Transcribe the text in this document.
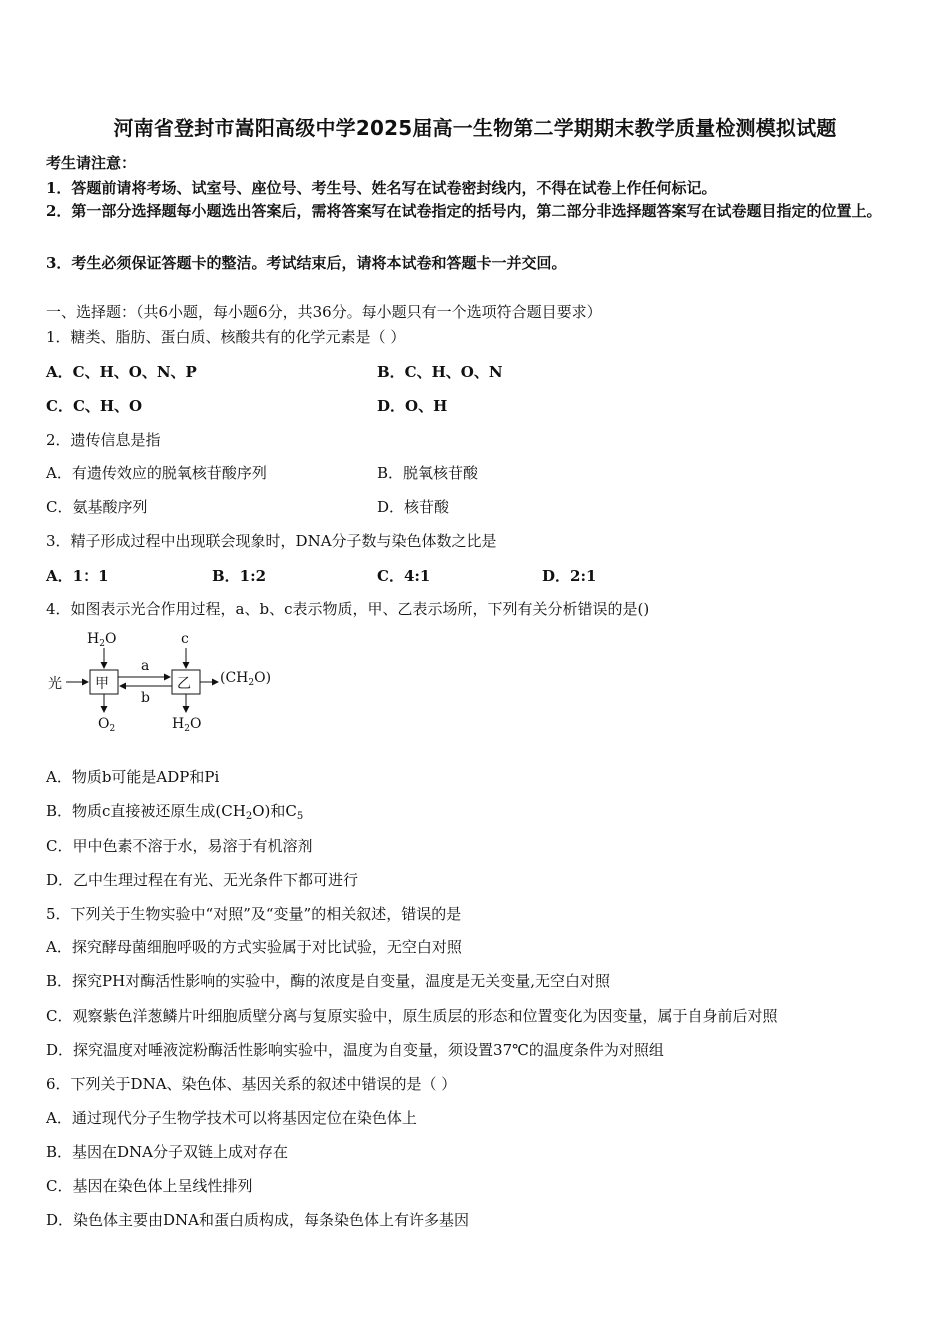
河南省登封市嵩阳高级中学2025届高一生物第二学期期末教学质量检测模拟试题
考生请注意：
1．答题前请将考场、试室号、座位号、考生号、姓名写在试卷密封线内，不得在试卷上作任何标记。
2．第一部分选择题每小题选出答案后，需将答案写在试卷指定的括号内，第二部分非选择题答案写在试卷题目指定的位置上。
3．考生必须保证答题卡的整洁。考试结束后，请将本试卷和答题卡一并交回。
一、选择题：（共6小题，每小题6分，共36分。每小题只有一个选项符合题目要求）
1．糖类、脂肪、蛋白质、核酸共有的化学元素是（ ）
A．C、H、O、N、P	B．C、H、O、N
C．C、H、O	D．O、H
2．遗传信息是指
A．有遗传效应的脱氧核苷酸序列	B．脱氧核苷酸
C．氨基酸序列	D．核苷酸
3．精子形成过程中出现联会现象时，DNA分子数与染色体数之比是
A．1：1	B．1:2	C．4:1	D．2:1
4．如图表示光合作用过程，a、b、c表示物质，甲、乙表示场所，下列有关分析错误的是()
光 甲
$H_2O$
$O_2$
a
b
乙
c
$H_2O$
$(CH_2O)$
A．物质b可能是ADP和Pi
B．物质c直接被还原生成$(CH_2O)$和$C_5$
C．甲中色素不溶于水，易溶于有机溶剂
D．乙中生理过程在有光、无光条件下都可进行
5．下列关于生物实验中“对照”及“变量”的相关叙述，错误的是
A．探究酵母菌细胞呼吸的方式实验属于对比试验，无空白对照
B．探究PH对酶活性影响的实验中，酶的浓度是自变量，温度是无关变量,无空白对照
C．观察紫色洋葱鳞片叶细胞质壁分离与复原实验中，原生质层的形态和位置变化为因变量，属于自身前后对照
D．探究温度对唾液淀粉酶活性影响实验中，温度为自变量，须设置37℃的温度条件为对照组
6．下列关于DNA、染色体、基因关系的叙述中错误的是（ ）
A．通过现代分子生物学技术可以将基因定位在染色体上
B．基因在DNA分子双链上成对存在
C．基因在染色体上呈线性排列
D．染色体主要由DNA和蛋白质构成，每条染色体上有许多基因
